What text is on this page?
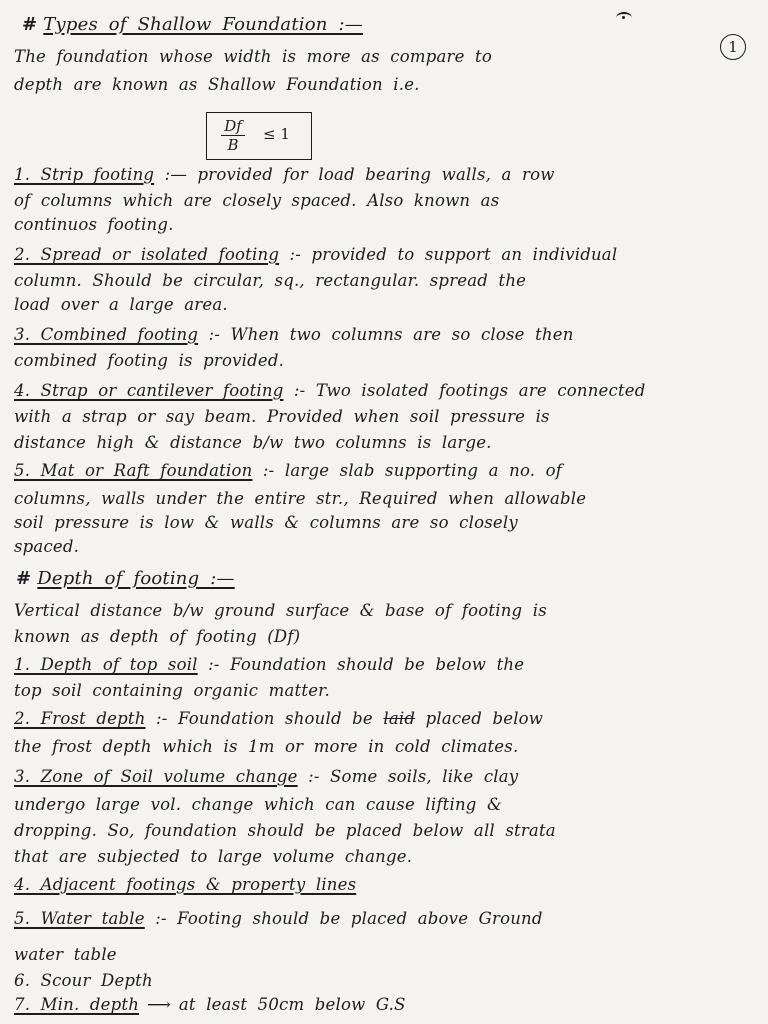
1
# Types of Shallow Foundation :—
The foundation whose width is more as compare to
depth are known as Shallow Foundation i.e.
$\frac{Df}{B} \le 1$
1. Strip footing :— provided for load bearing walls, a row
of columns which are closely spaced. Also known as
continuos footing.
2. Spread or isolated footing :- provided to support an individual
column. Should be circular, sq., rectangular. spread the
load over a large area.
3. Combined footing :- When two columns are so close then
combined footing is provided.
4. Strap or cantilever footing :- Two isolated footings are connected
with a strap or say beam. Provided when soil pressure is
distance high & distance b/w two columns is large.
5. Mat or Raft foundation :- large slab supporting a no. of
columns, walls under the entire str., Required when allowable
soil pressure is low & walls & columns are so closely
spaced.
# Depth of footing :—
Vertical distance b/w ground surface & base of footing is
known as depth of footing (Df)
1. Depth of top soil :- Foundation should be below the
top soil containing organic matter.
2. Frost depth :- Foundation should be laid placed below
the frost depth which is 1m or more in cold climates.
3. Zone of Soil volume change :- Some soils, like clay
undergo large vol. change which can cause lifting &
dropping. So, foundation should be placed below all strata
that are subjected to large volume change.
4. Adjacent footings & property lines
5. Water table :- Footing should be placed above Ground
water table
6. Scour Depth
7. Min. depth ⟶ at least 50cm below G.S
